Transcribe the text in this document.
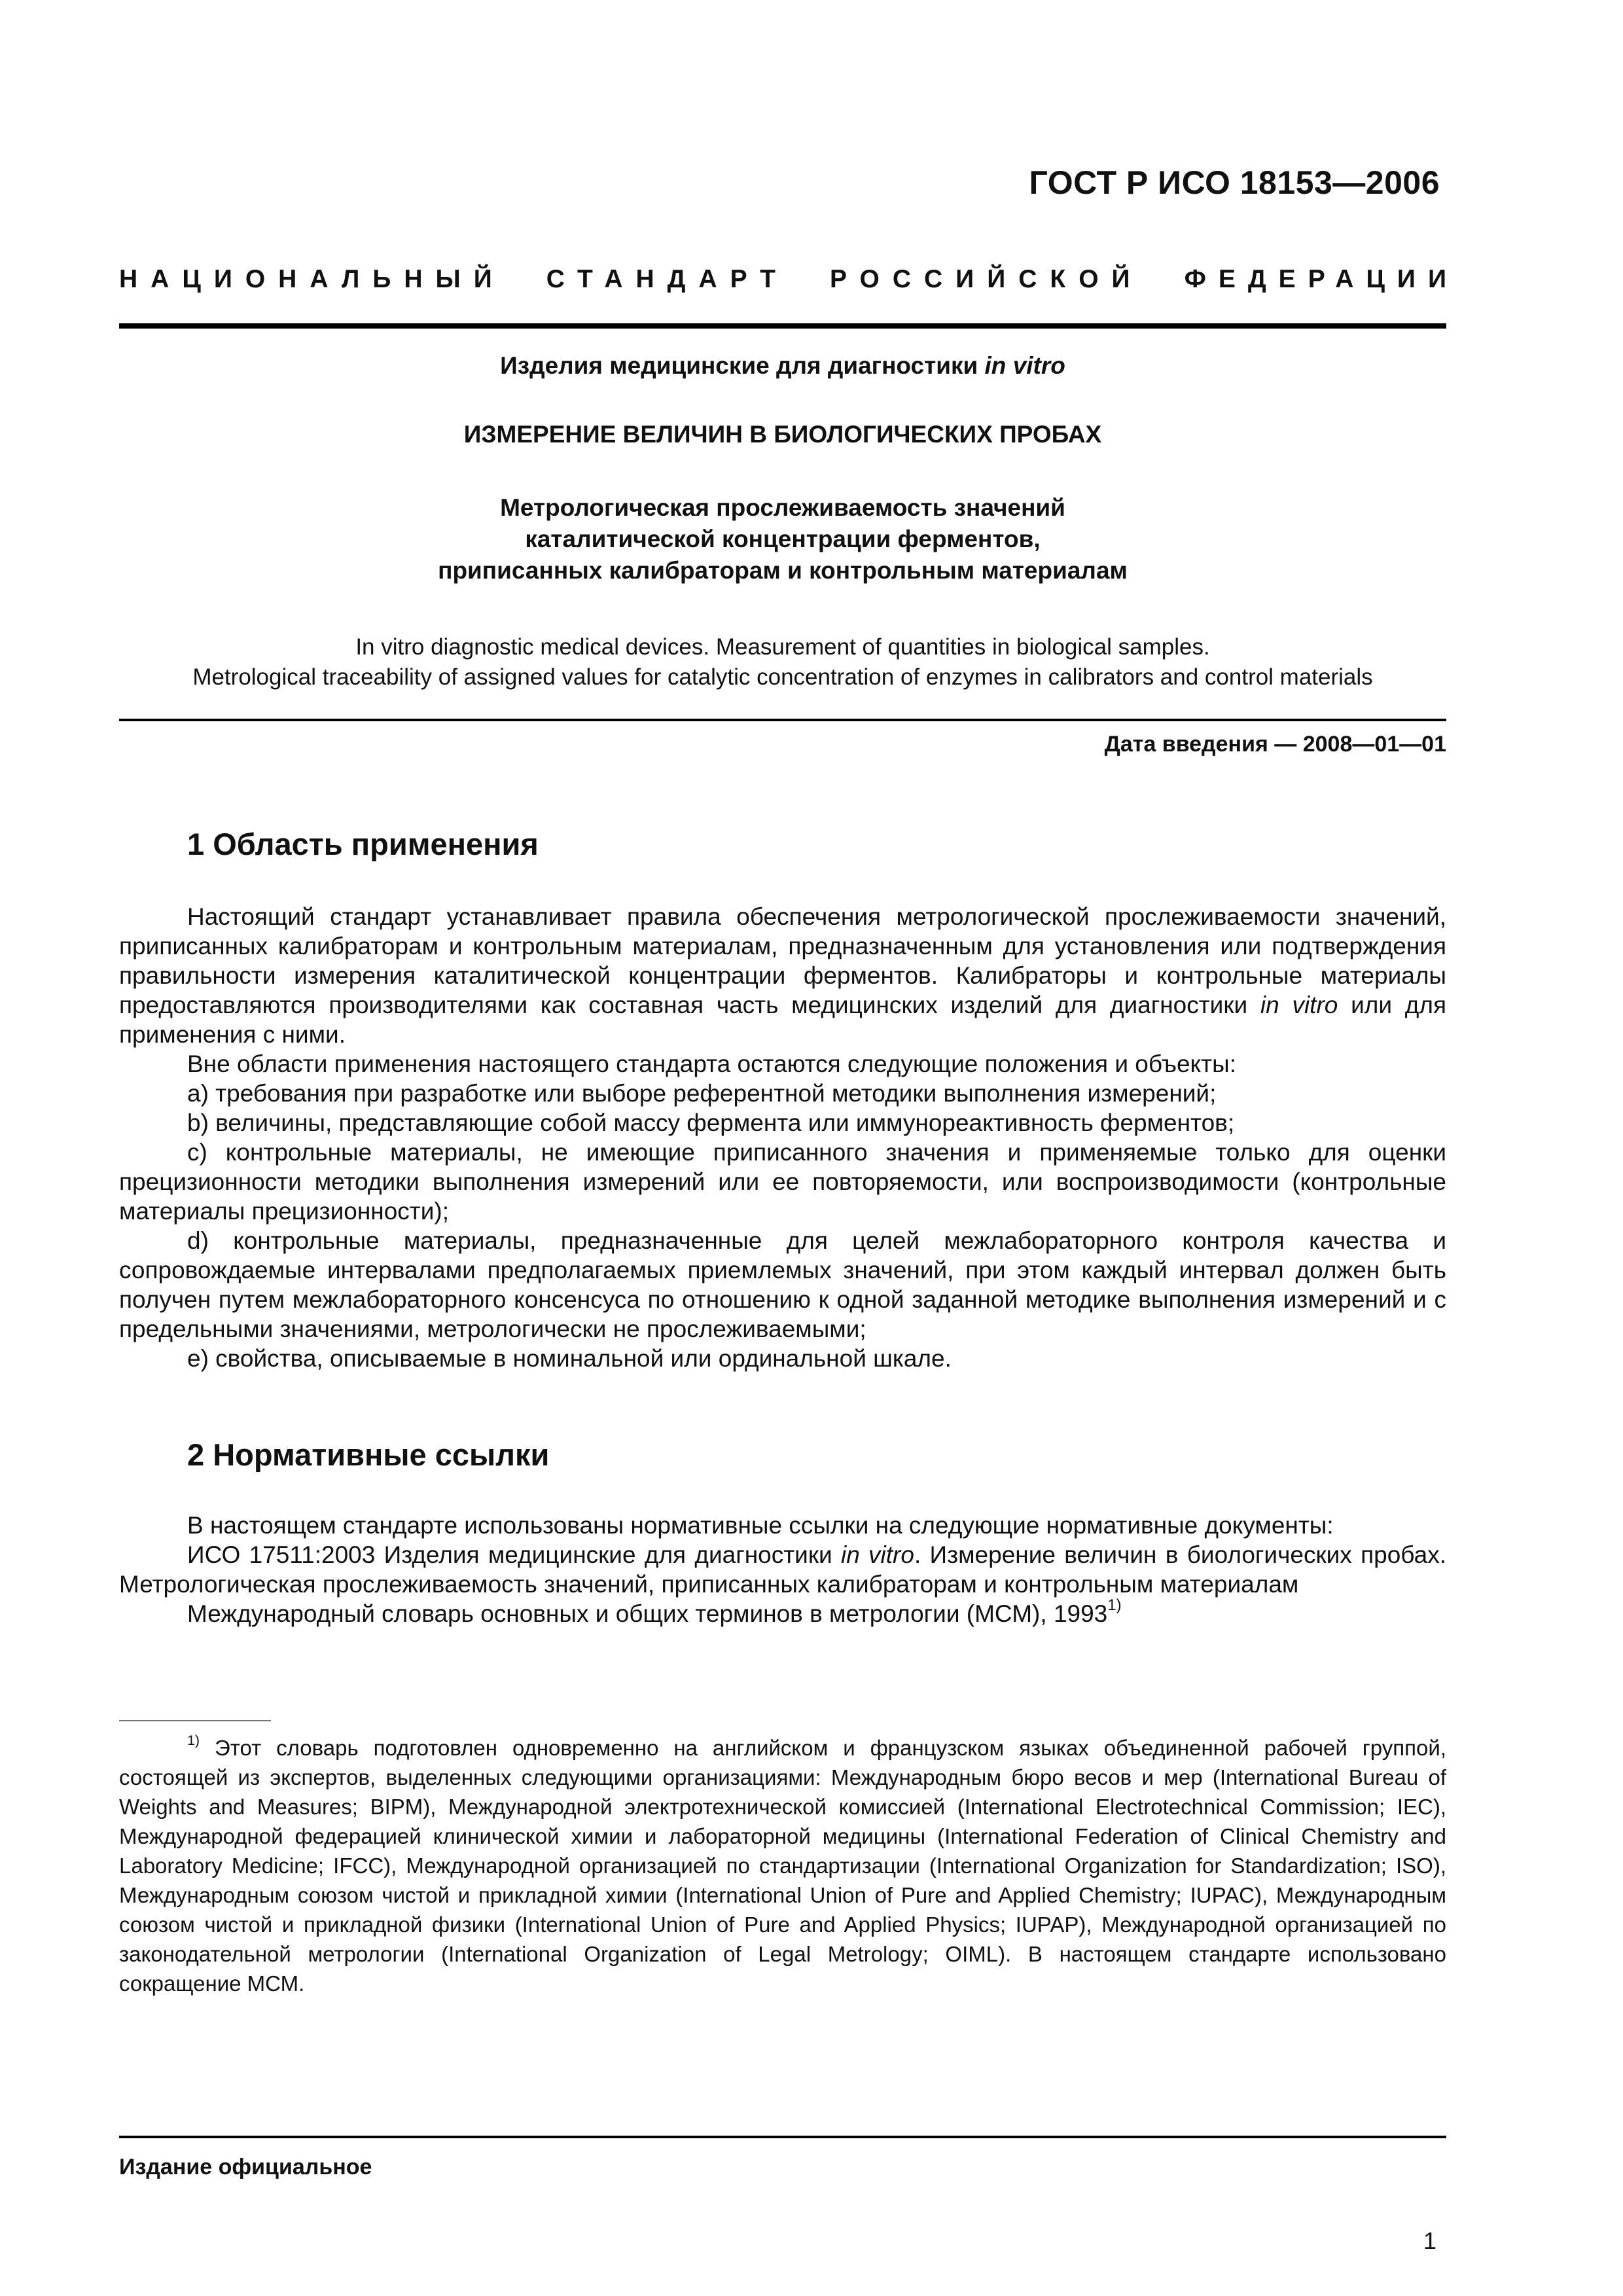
ГОСТ Р ИСО 18153—2006
НАЦИОНАЛЬНЫЙ СТАНДАРТ РОССИЙСКОЙ ФЕДЕРАЦИИ
Изделия медицинские для диагностики in vitro
ИЗМЕРЕНИЕ ВЕЛИЧИН В БИОЛОГИЧЕСКИХ ПРОБАХ
Метрологическая прослеживаемость значений
каталитической концентрации ферментов,
приписанных калибраторам и контрольным материалам
In vitro diagnostic medical devices. Measurement of quantities in biological samples.
Metrological traceability of assigned values for catalytic concentration of enzymes in calibrators and control materials
Дата введения — 2008—01—01
1 Область применения

Настоящий стандарт устанавливает правила обеспечения метрологической прослеживаемости значений, приписанных калибраторам и контрольным материалам, предназначенным для установления или подтверждения правильности измерения каталитической концентрации ферментов. Калибраторы и контрольные материалы предоставляются производителями как составная часть медицинских изделий для диагностики in vitro или для применения с ними.

Вне области применения настоящего стандарта остаются следующие положения и объекты:

a) требования при разработке или выборе референтной методики выполнения измерений;

b) величины, представляющие собой массу фермента или иммунореактивность ферментов;

c) контрольные материалы, не имеющие приписанного значения и применяемые только для оценки прецизионности методики выполнения измерений или ее повторяемости, или воспроизводимости (контрольные материалы прецизионности);

d) контрольные материалы, предназначенные для целей межлабораторного контроля качества и сопровождаемые интервалами предполагаемых приемлемых значений, при этом каждый интервал должен быть получен путем межлабораторного консенсуса по отношению к одной заданной методике выполнения измерений и с предельными значениями, метрологически не прослеживаемыми;

e) свойства, описываемые в номинальной или ординальной шкале.

2 Нормативные ссылки

В настоящем стандарте использованы нормативные ссылки на следующие нормативные документы:

ИСО 17511:2003 Изделия медицинские для диагностики in vitro. Измерение величин в биологических пробах. Метрологическая прослеживаемость значений, приписанных калибраторам и контрольным материалам

Международный словарь основных и общих терминов в метрологии (МСМ), 1993$^{1)}$

$^{1)}$ Этот словарь подготовлен одновременно на английском и французском языках объединенной рабочей группой, состоящей из экспертов, выделенных следующими организациями: Международным бюро весов и мер (International Bureau of Weights and Measures; BIPM), Международной электротехнической комиссией (International Electrotechnical Commission; IEC), Международной федерацией клинической химии и лабораторной медицины (International Federation of Clinical Chemistry and Laboratory Medicine; IFCC), Международной организацией по стандартизации (International Organization for Standardization; ISO), Международным союзом чистой и прикладной химии (International Union of Pure and Applied Chemistry; IUPAC), Международным союзом чистой и прикладной физики (International Union of Pure and Applied Physics; IUPAP), Международной организацией по законодательной метрологии (International Organization of Legal Metrology; OIML). В настоящем стандарте использовано сокращение МСМ.

Издание официальное
1
